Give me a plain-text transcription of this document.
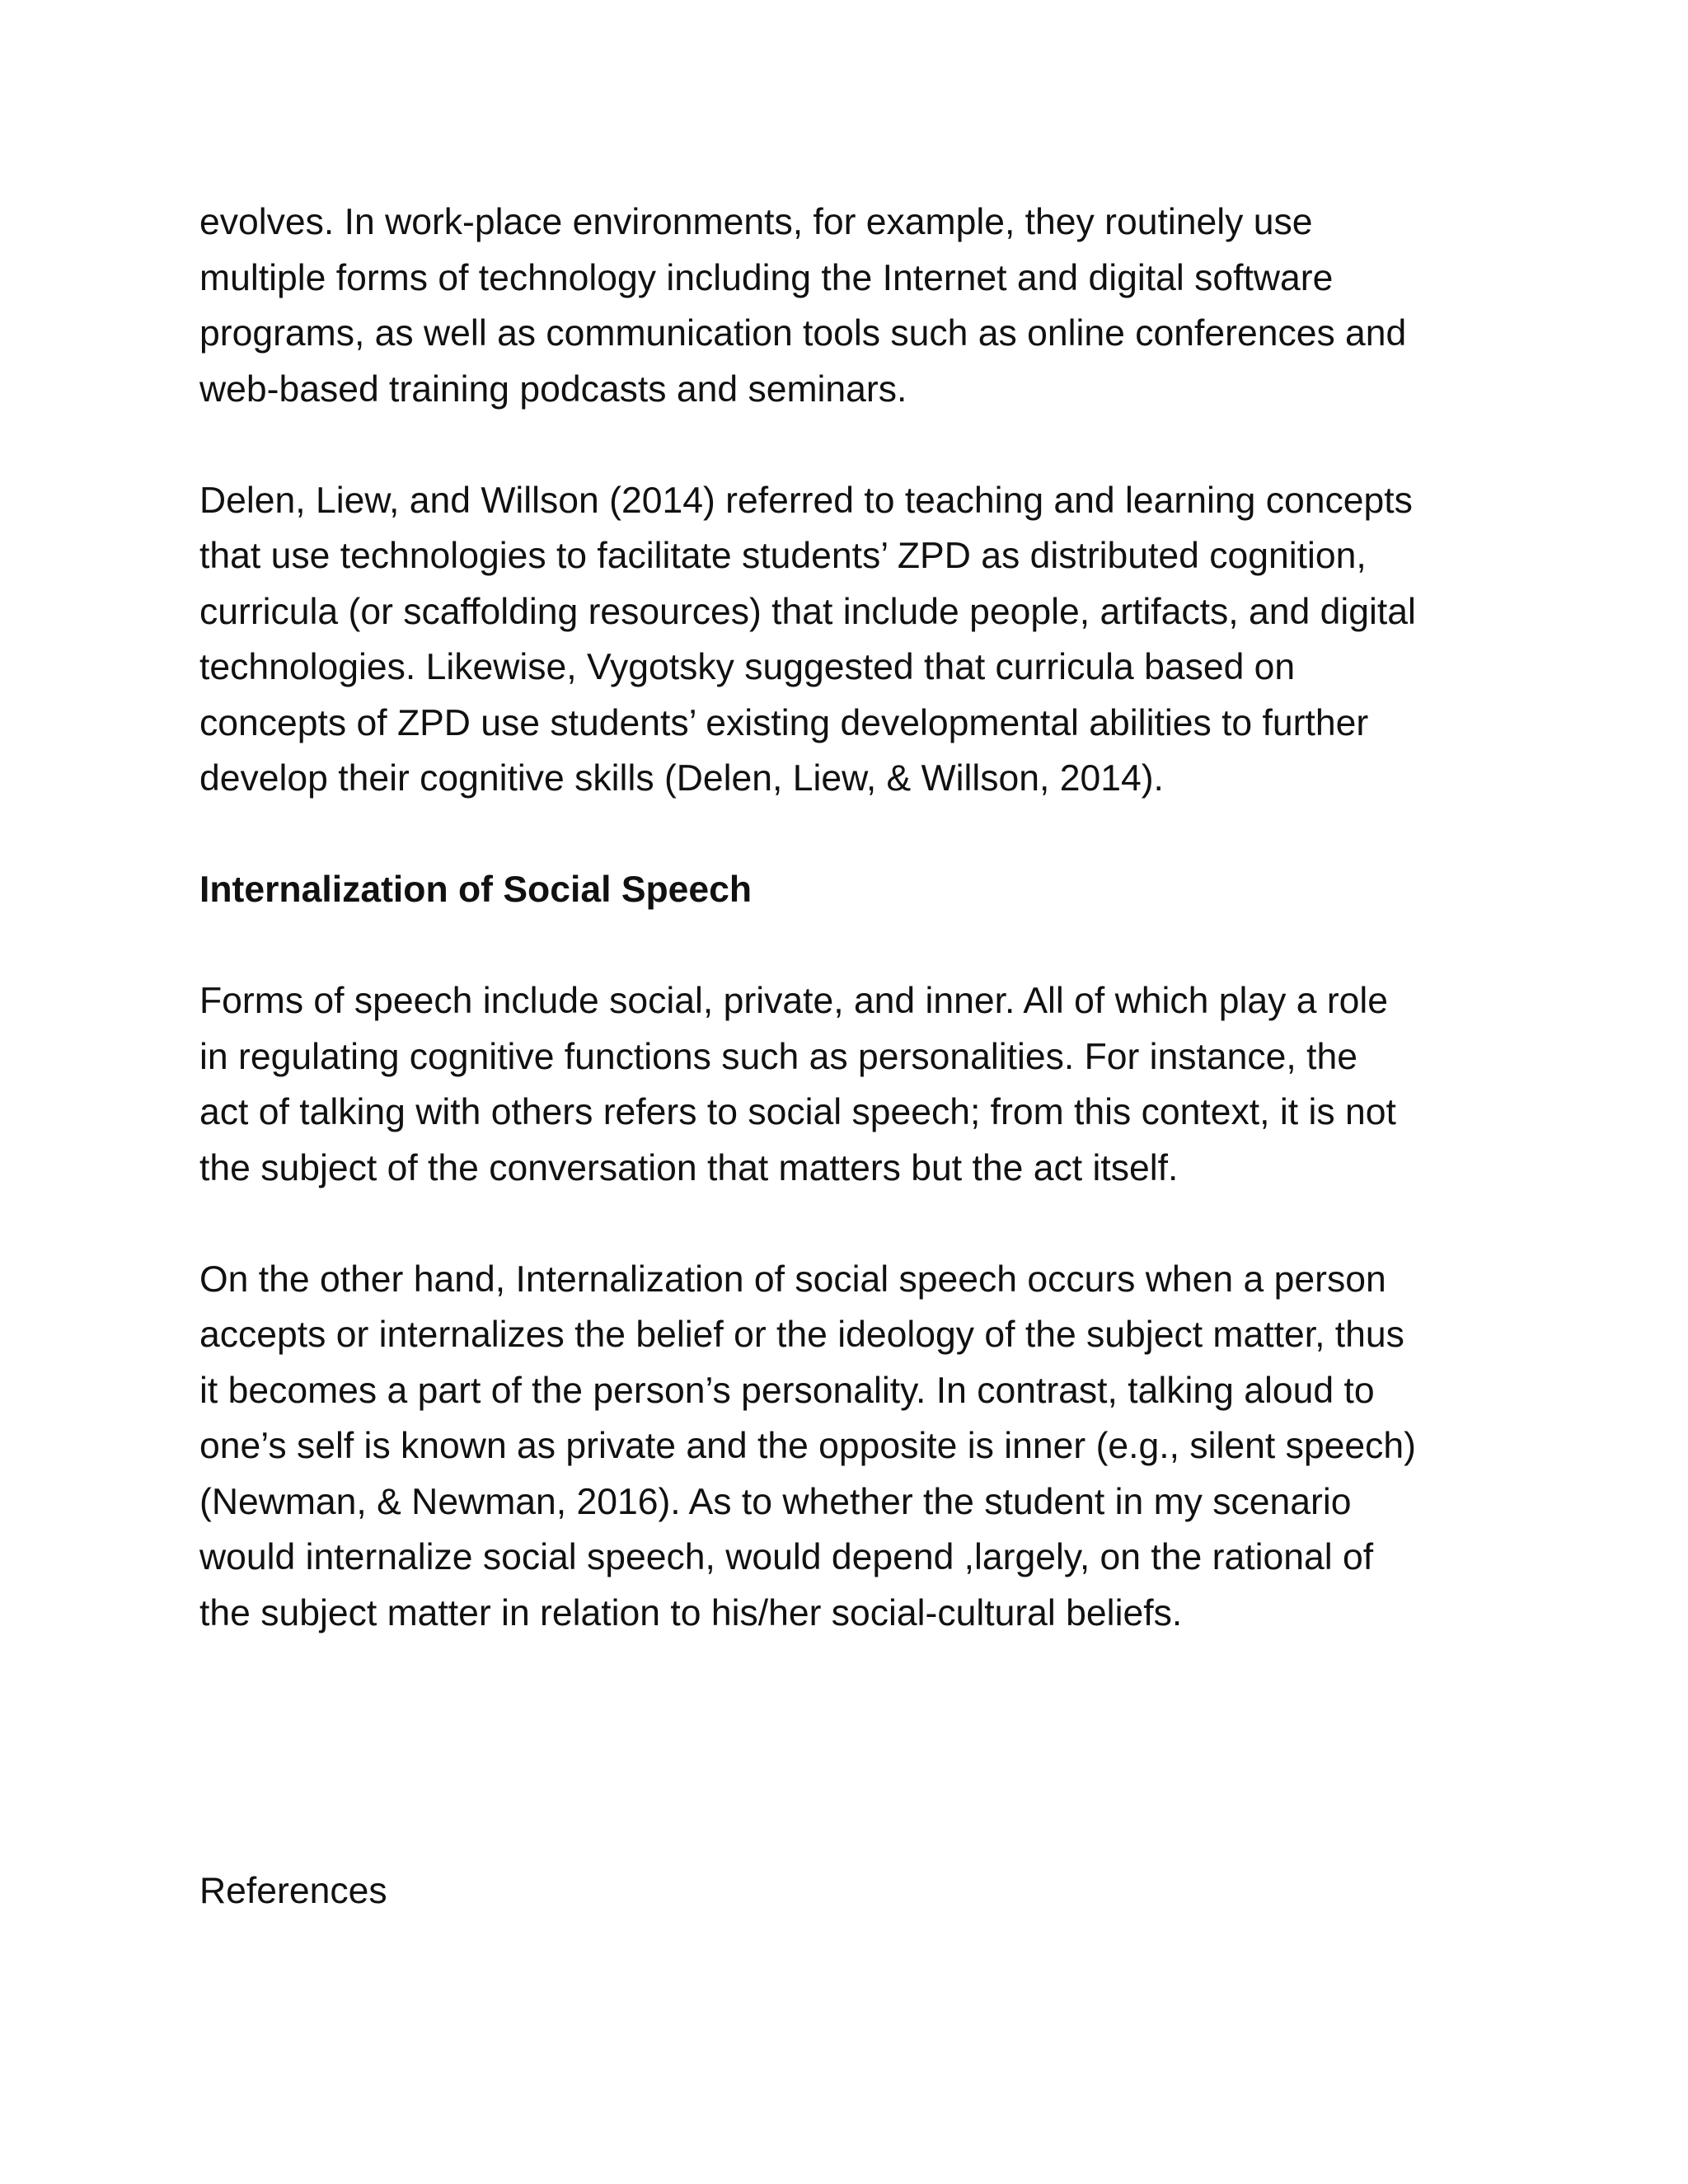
evolves. In work-place environments, for example, they routinely use
multiple forms of technology including the Internet and digital software
programs, as well as communication tools such as online conferences and
web-based training podcasts and seminars.

Delen, Liew, and Willson (2014) referred to teaching and learning concepts
that use technologies to facilitate students’ ZPD as distributed cognition,
curricula (or scaffolding resources) that include people, artifacts, and digital
technologies. Likewise, Vygotsky suggested that curricula based on
concepts of ZPD use students’ existing developmental abilities to further
develop their cognitive skills (Delen, Liew, & Willson, 2014).

Internalization of Social Speech

Forms of speech include social, private, and inner. All of which play a role
in regulating cognitive functions such as personalities. For instance, the
act of talking with others refers to social speech; from this context, it is not
the subject of the conversation that matters but the act itself.

On the other hand, Internalization of social speech occurs when a person
accepts or internalizes the belief or the ideology of the subject matter, thus
it becomes a part of the person’s personality. In contrast, talking aloud to
one’s self is known as private and the opposite is inner (e.g., silent speech)
(Newman, & Newman, 2016). As to whether the student in my scenario
would internalize social speech, would depend ,largely, on the rational of
the subject matter in relation to his/her social-cultural beliefs.

References
